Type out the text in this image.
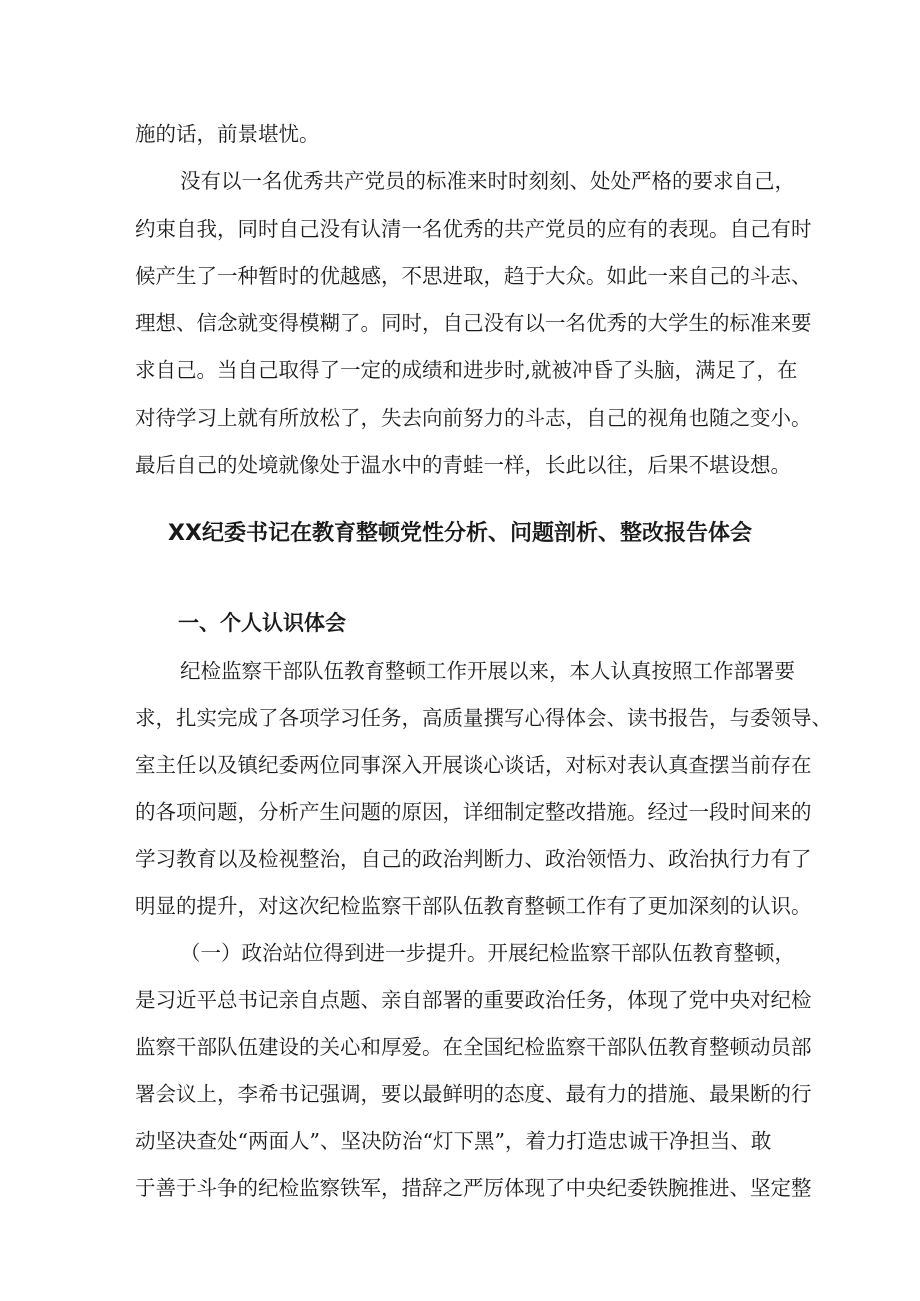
施的话，前景堪忧。
没有以一名优秀共产党员的标准来时时刻刻、处处严格的要求自己，
约束自我，同时自己没有认清一名优秀的共产党员的应有的表现。自己有时
候产生了一种暂时的优越感，不思进取，趋于大众。如此一来自己的斗志、
理想、信念就变得模糊了。同时，自己没有以一名优秀的大学生的标准来要
求自己。当自己取得了一定的成绩和进步时,就被冲昏了头脑，满足了，在
对待学习上就有所放松了，失去向前努力的斗志，自己的视角也随之变小。
最后自己的处境就像处于温水中的青蛙一样，长此以往，后果不堪设想。
XX纪委书记在教育整顿党性分析、问题剖析、整改报告体会
一、个人认识体会
纪检监察干部队伍教育整顿工作开展以来，本人认真按照工作部署要
求，扎实完成了各项学习任务，高质量撰写心得体会、读书报告，与委领导、
室主任以及镇纪委两位同事深入开展谈心谈话，对标对表认真查摆当前存在
的各项问题，分析产生问题的原因，详细制定整改措施。经过一段时间来的
学习教育以及检视整治，自己的政治判断力、政治领悟力、政治执行力有了
明显的提升，对这次纪检监察干部队伍教育整顿工作有了更加深刻的认识。
（一）政治站位得到进一步提升。开展纪检监察干部队伍教育整顿，
是习近平总书记亲自点题、亲自部署的重要政治任务，体现了党中央对纪检
监察干部队伍建设的关心和厚爱。在全国纪检监察干部队伍教育整顿动员部
署会议上，李希书记强调，要以最鲜明的态度、最有力的措施、最果断的行
动坚决查处“两面人”、坚决防治“灯下黑”，着力打造忠诚干净担当、敢
于善于斗争的纪检监察铁军，措辞之严厉体现了中央纪委铁腕推进、坚定整
